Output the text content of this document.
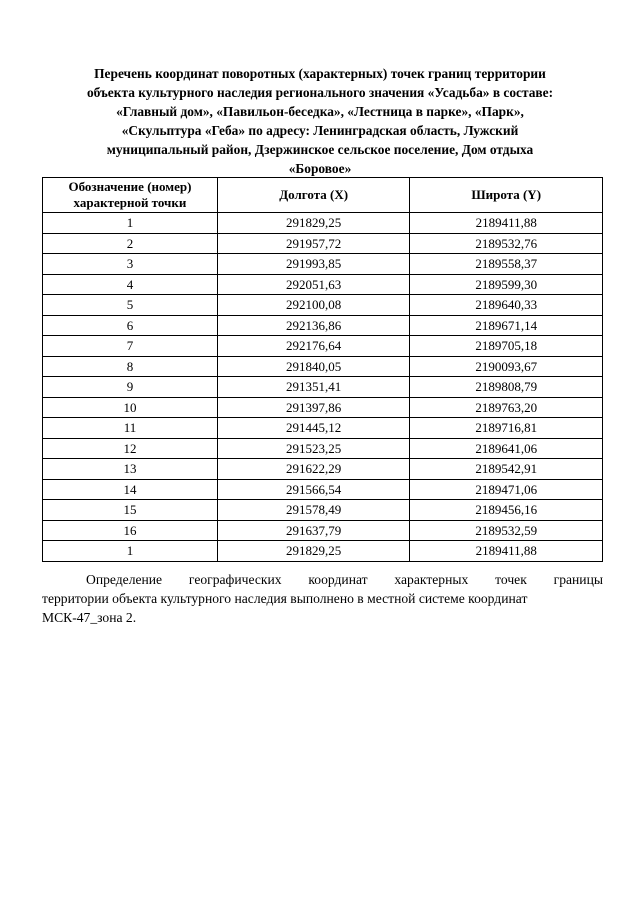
Перечень координат поворотных (характерных) точек границ территории
объекта культурного наследия регионального значения «Усадьба» в составе:
«Главный дом», «Павильон-беседка», «Лестница в парке», «Парк»,
«Скульптура «Геба» по адресу: Ленинградская область, Лужский
муниципальный район, Дзержинское сельское поселение, Дом отдыха
«Боровое»
Обозначение (номер)
характерной точки	Долгота (X)	Широта (Y)
1	291829,25	2189411,88
2	291957,72	2189532,76
3	291993,85	2189558,37
4	292051,63	2189599,30
5	292100,08	2189640,33
6	292136,86	2189671,14
7	292176,64	2189705,18
8	291840,05	2190093,67
9	291351,41	2189808,79
10	291397,86	2189763,20
11	291445,12	2189716,81
12	291523,25	2189641,06
13	291622,29	2189542,91
14	291566,54	2189471,06
15	291578,49	2189456,16
16	291637,79	2189532,59
1	291829,25	2189411,88
Определение географических координат характерных точек границы
территории объекта культурного наследия выполнено в местной системе координат
МСК-47_зона 2.
